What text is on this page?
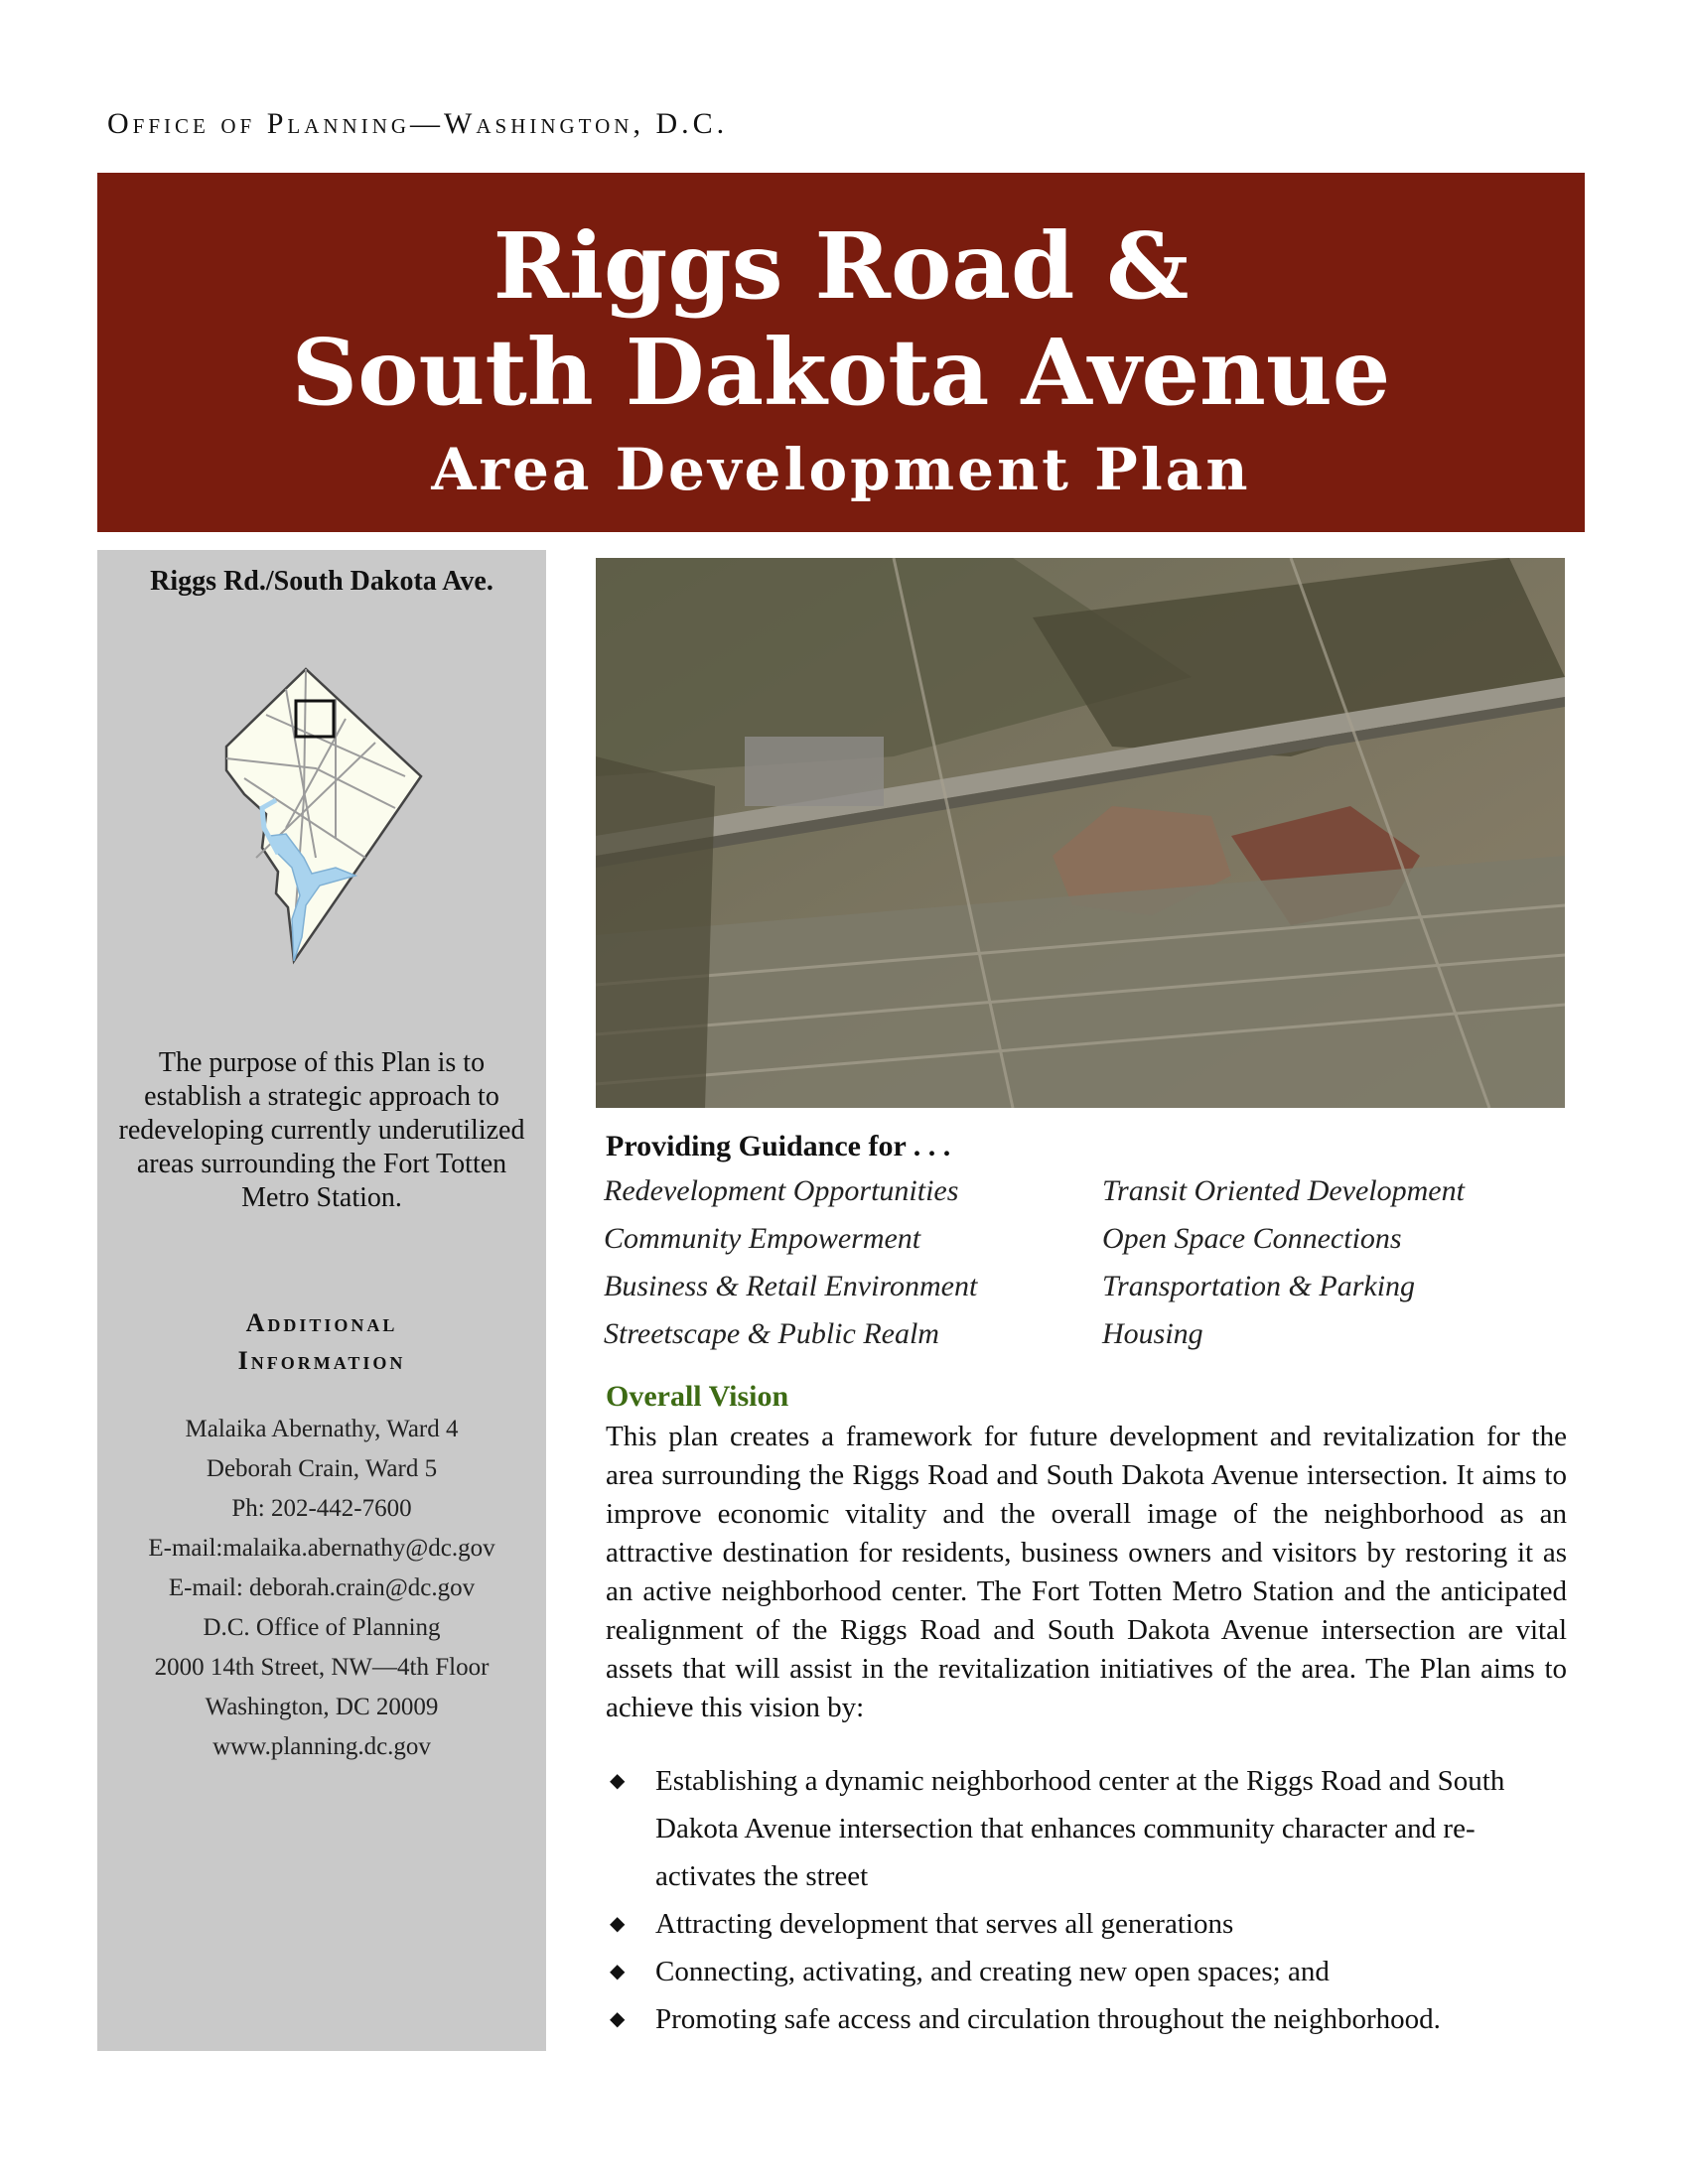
Office of Planning—Washington, D.C.
Riggs Road &
South Dakota Avenue
Area Development Plan
Riggs Rd./South Dakota Ave.
The purpose of this Plan is to establish a strategic approach to redeveloping currently underutilized areas surrounding the Fort Totten Metro Station.
Additional
Information
Malaika Abernathy, Ward 4
Deborah Crain, Ward 5
Ph: 202-442-7600
E-mail:malaika.abernathy@dc.gov
E-mail: deborah.crain@dc.gov
D.C. Office of Planning
2000 14th Street, NW—4th Floor
Washington, DC 20009
www.planning.dc.gov
Providing Guidance for . . .
Redevelopment Opportunities	Transit Oriented Development
Community Empowerment	Open Space Connections
Business & Retail Environment	Transportation & Parking
Streetscape & Public Realm	Housing
Overall Vision
This plan creates a framework for future development and revitalization for the area surrounding the Riggs Road and South Dakota Avenue intersection. It aims to improve economic vitality and the overall image of the neighborhood as an attractive destination for residents, business owners and visitors by restoring it as an active neighborhood center. The Fort Totten Metro Station and the anticipated realignment of the Riggs Road and South Dakota Avenue intersection are vital assets that will assist in the revitalization initiatives of the area. The Plan aims to achieve this vision by:
◆ Establishing a dynamic neighborhood center at the Riggs Road and South Dakota Avenue intersection that enhances community character and re-activates the street
◆ Attracting development that serves all generations
◆ Connecting, activating, and creating new open spaces; and
◆ Promoting safe access and circulation throughout the neighborhood.
